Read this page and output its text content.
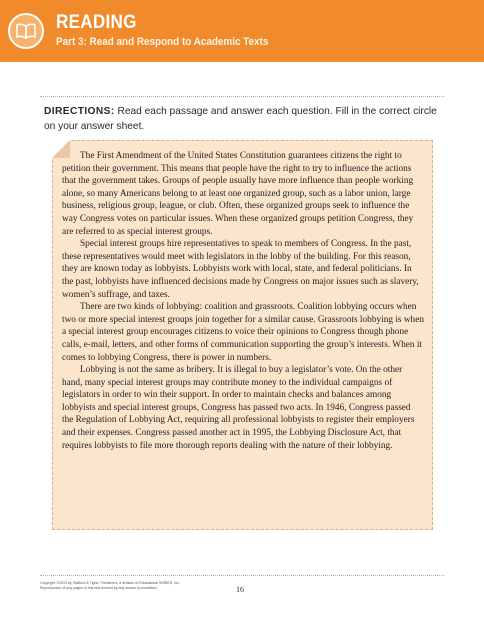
READING
Part 3: Read and Respond to Academic Texts
DIRECTIONS: Read each passage and answer each question. Fill in the correct circle on your answer sheet.

The First Amendment of the United States Constitution guarantees citizens the right to petition their government. This means that people have the right to try to influence the actions that the government takes. Groups of people usually have more influence than people working alone, so many Americans belong to at least one organized group, such as a labor union, large business, religious group, league, or club. Often, these organized groups seek to influence the way Congress votes on particular issues. When these organized groups petition Congress, they are referred to as special interest groups.

Special interest groups hire representatives to speak to members of Congress. In the past, these representatives would meet with legislators in the lobby of the building. For this reason, they are known today as lobbyists. Lobbyists work with local, state, and federal politicians. In the past, lobbyists have influenced decisions made by Congress on major issues such as slavery, women’s suffrage, and taxes.

There are two kinds of lobbying: coalition and grassroots. Coalition lobbying occurs when two or more special interest groups join together for a similar cause. Grassroots lobbying is when a special interest group encourages citizens to voice their opinions to Congress though phone calls, e-mail, letters, and other forms of communication supporting the group’s interests. When it comes to lobbying Congress, there is power in numbers.

Lobbying is not the same as bribery. It is illegal to buy a legislator’s vote. On the other hand, many special interest groups may contribute money to the individual campaigns of legislators in order to win their support. In order to maintain checks and balances among lobbyists and special interest groups, Congress has passed two acts. In 1946, Congress passed the Regulation of Lobbying Act, requiring all professional lobbyists to register their employers and their expenses. Congress passed another act in 1995, the Lobbying Disclosure Act, that requires lobbyists to file more thorough reports dealing with the nature of their lobbying.

Copyright ©2013 by Stafford & Tighe, Publishers, a division of Educational SERIES, Inc.
Reproduction of any pages in this test booklet by any means is prohibited.	16
